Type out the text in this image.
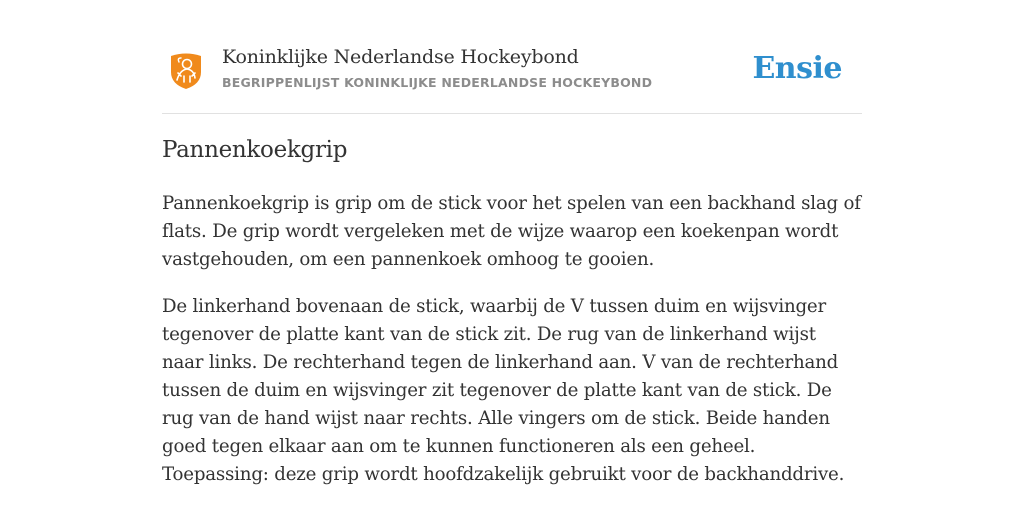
Koninklijke Nederlandse Hockeybond
BEGRIPPENLIJST KONINKLIJKE NEDERLANDSE HOCKEYBOND	Ensie
Pannenkoekgrip

Pannenkoekgrip is grip om de stick voor het spelen van een backhand slag of flats. De grip wordt vergeleken met de wijze waarop een koekenpan wordt vastgehouden, om een pannenkoek omhoog te gooien.

De linkerhand bovenaan de stick, waarbij de V tussen duim en wijsvinger tegenover de platte kant van de stick zit. De rug van de linkerhand wijst naar links. De rechterhand tegen de linkerhand aan. V van de rechterhand tussen de duim en wijsvinger zit tegenover de platte kant van de stick. De rug van de hand wijst naar rechts. Alle vingers om de stick. Beide handen goed tegen elkaar aan om te kunnen functioneren als een geheel. Toepassing: deze grip wordt hoofdzakelijk gebruikt voor de backhanddrive.
